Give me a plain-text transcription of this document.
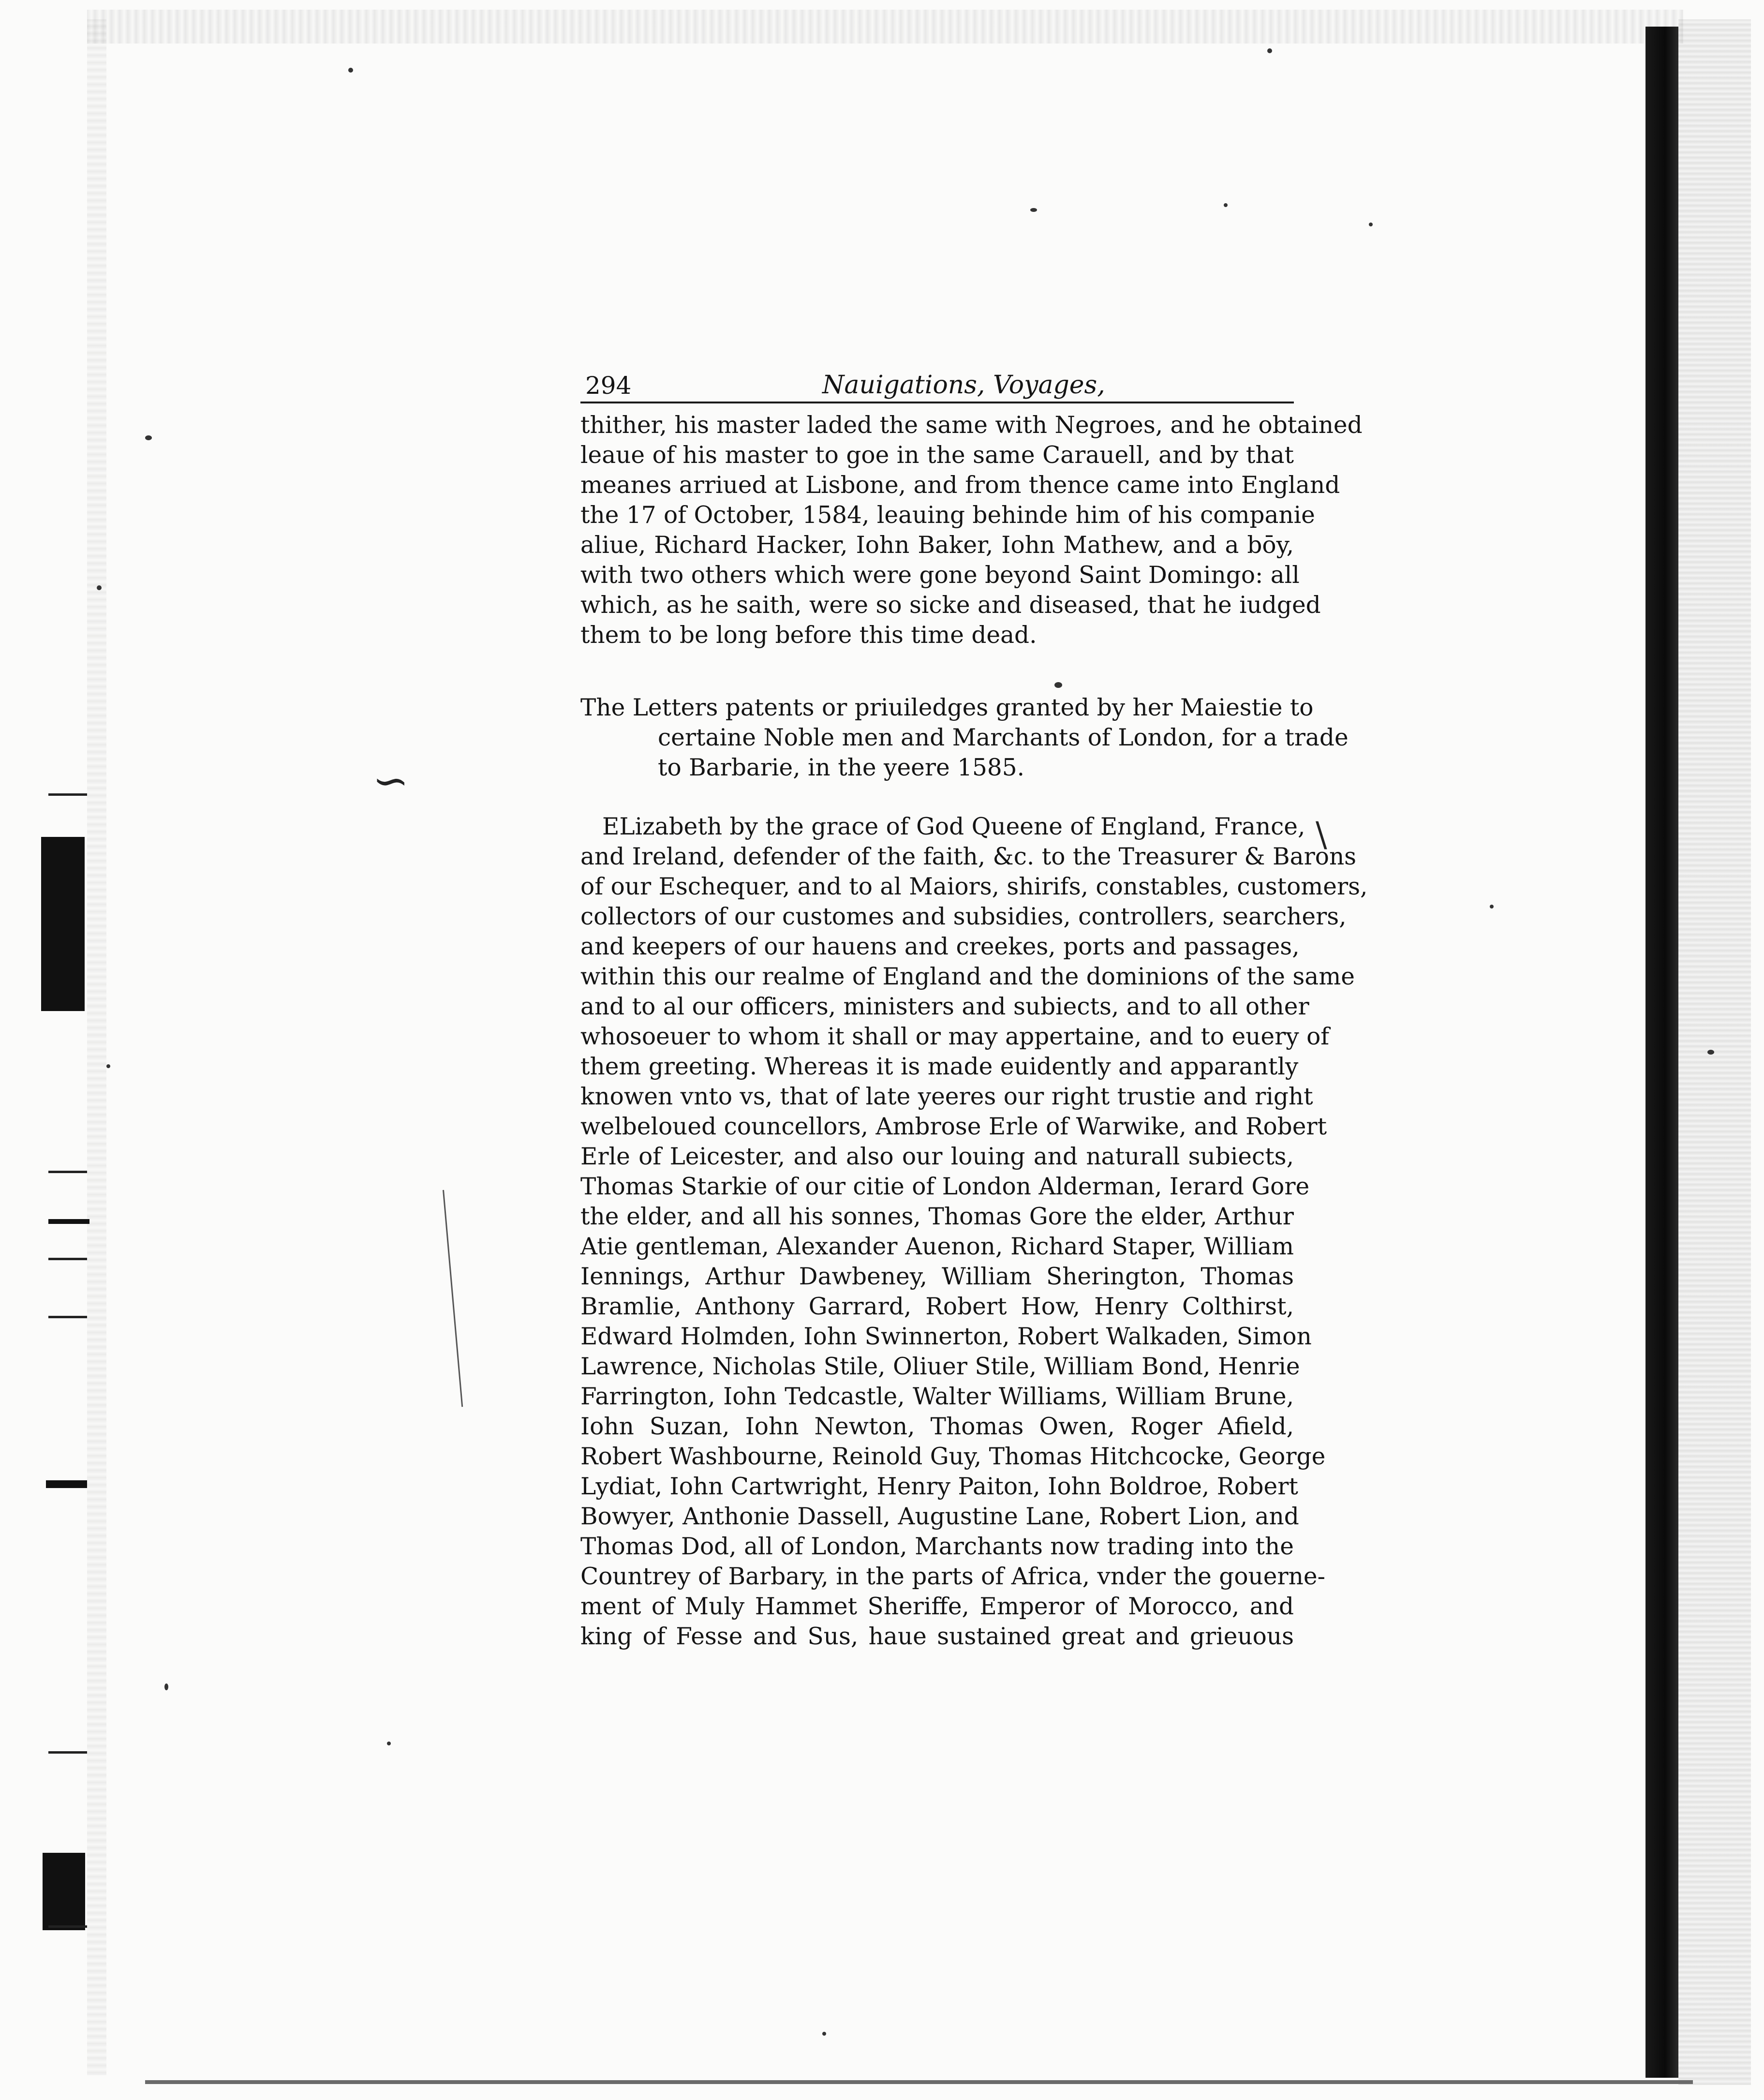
∽
\
294	Nauigations, Voyages,
thither, his master laded the same with Negroes, and he obtained
leaue of his master to goe in the same Carauell, and by that
meanes arriued at Lisbone, and from thence came into England
the 17 of October, 1584, leauing behinde him of his companie
aliue, Richard Hacker, Iohn Baker, Iohn Mathew, and a bōy,
with two others which were gone beyond Saint Domingo: all
which, as he saith, were so sicke and diseased, that he iudged
them to be long before this time dead.
The Letters patents or priuiledges granted by her Maiestie to
certaine Noble men and Marchants of London, for a trade
to Barbarie, in the yeere 1585.
ELizabeth by the grace of God Queene of England, France,
and Ireland, defender of the faith, &c. to the Treasurer & Barons
of our Eschequer, and to al Maiors, shirifs, constables, customers,
collectors of our customes and subsidies, controllers, searchers,
and keepers of our hauens and creekes, ports and passages,
within this our realme of England and the dominions of the same
and to al our officers, ministers and subiects, and to all other
whosoeuer to whom it shall or may appertaine, and to euery of
them greeting. Whereas it is made euidently and apparantly
knowen vnto vs, that of late yeeres our right trustie and right
welbeloued councellors, Ambrose Erle of Warwike, and Robert
Erle of Leicester, and also our louing and naturall subiects,
Thomas Starkie of our citie of London Alderman, Ierard Gore
the elder, and all his sonnes, Thomas Gore the elder, Arthur
Atie gentleman, Alexander Auenon, Richard Staper, William
Iennings, Arthur Dawbeney, William Sherington, Thomas
Bramlie, Anthony Garrard, Robert How, Henry Colthirst,
Edward Holmden, Iohn Swinnerton, Robert Walkaden, Simon
Lawrence, Nicholas Stile, Oliuer Stile, William Bond, Henrie
Farrington, Iohn Tedcastle, Walter Williams, William Brune,
Iohn Suzan, Iohn Newton, Thomas Owen, Roger Afield,
Robert Washbourne, Reinold Guy, Thomas Hitchcocke, George
Lydiat, Iohn Cartwright, Henry Paiton, Iohn Boldroe, Robert
Bowyer, Anthonie Dassell, Augustine Lane, Robert Lion, and
Thomas Dod, all of London, Marchants now trading into the
Countrey of Barbary, in the parts of Africa, vnder the gouerne-
ment of Muly Hammet Sheriffe, Emperor of Morocco, and
king of Fesse and Sus, haue sustained great and grieuous
